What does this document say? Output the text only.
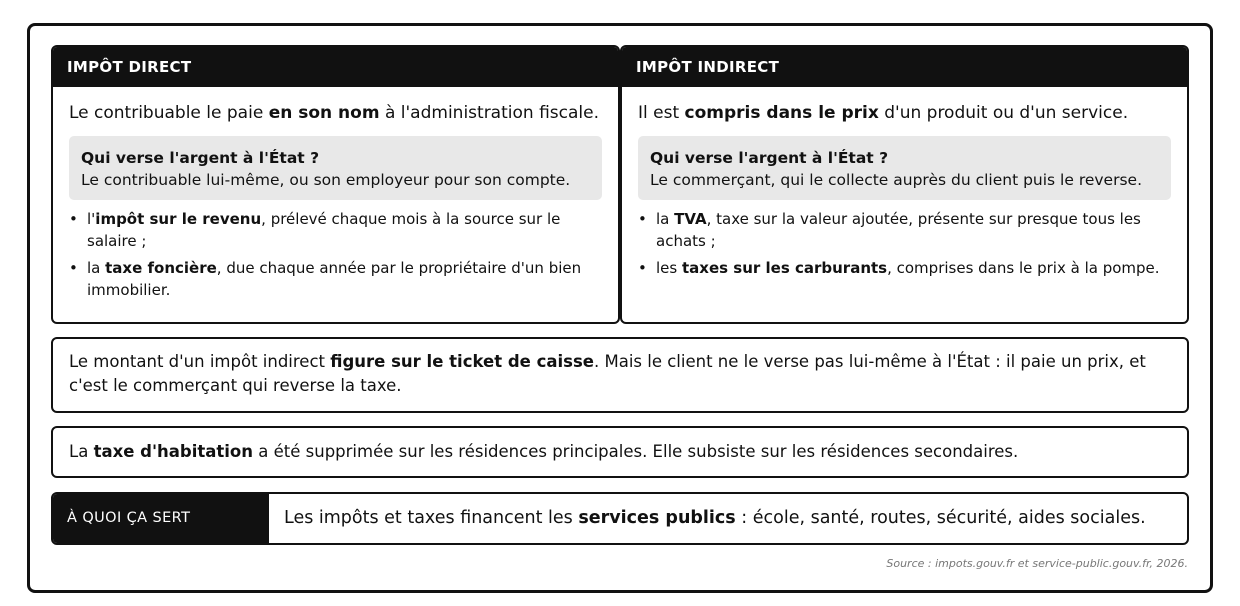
IMPÔT DIRECT
Le contribuable le paie en son nom à l'administration fiscale.
Qui verse l'argent à l'État ?
Le contribuable lui-même, ou son employeur pour son compte.
• l'impôt sur le revenu, prélevé chaque mois à la source sur le salaire ;
• la taxe foncière, due chaque année par le propriétaire d'un bien immobilier.
IMPÔT INDIRECT
Il est compris dans le prix d'un produit ou d'un service.
Qui verse l'argent à l'État ?
Le commerçant, qui le collecte auprès du client puis le reverse.
• la TVA, taxe sur la valeur ajoutée, présente sur presque tous les achats ;
• les taxes sur les carburants, comprises dans le prix à la pompe.
Le montant d'un impôt indirect figure sur le ticket de caisse. Mais le client ne le verse pas lui-même à l'État : il paie un prix, et c'est le commerçant qui reverse la taxe.
La taxe d'habitation a été supprimée sur les résidences principales. Elle subsiste sur les résidences secondaires.
À QUOI ÇA SERT	Les impôts et taxes financent les services publics : école, santé, routes, sécurité, aides sociales.
Source : impots.gouv.fr et service-public.gouv.fr, 2026.
